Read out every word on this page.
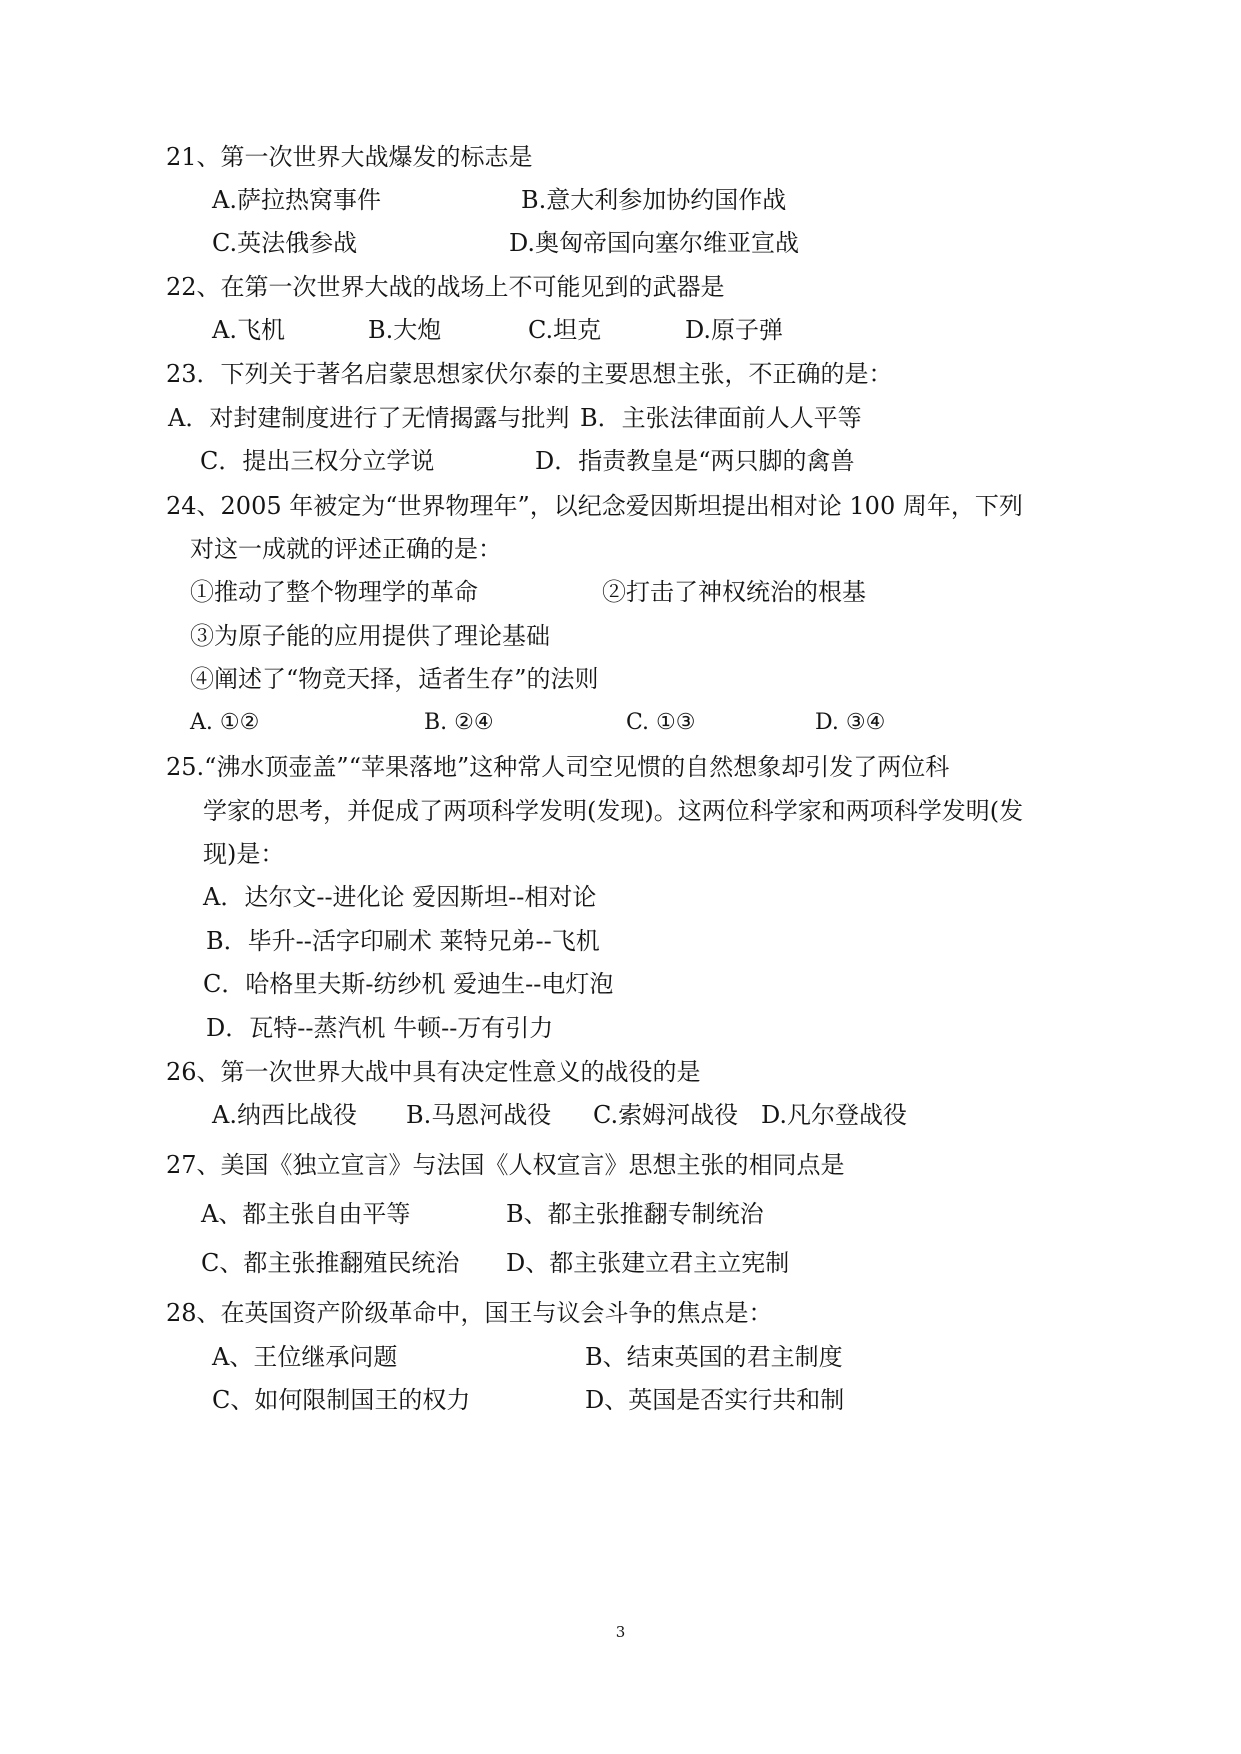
21、第一次世界大战爆发的标志是
A.萨拉热窝事件	B.意大利参加协约国作战
C.英法俄参战	D.奥匈帝国向塞尔维亚宣战
22、在第一次世界大战的战场上不可能见到的武器是
A.飞机	B.大炮	C.坦克	D.原子弹
23．下列关于著名启蒙思想家伏尔泰的主要思想主张，不正确的是：
A．对封建制度进行了无情揭露与批判 B．主张法律面前人人平等
C．提出三权分立学说	D．指责教皇是“两只脚的禽兽
24、2005 年被定为“世界物理年”，以纪念爱因斯坦提出相对论 100 周年，下列
对这一成就的评述正确的是：
①推动了整个物理学的革命	②打击了神权统治的根基
③为原子能的应用提供了理论基础
④阐述了“物竞天择，适者生存”的法则
A. ①②	B. ②④	C. ①③	D. ③④
25.“沸水顶壶盖”“苹果落地”这种常人司空见惯的自然想象却引发了两位科
学家的思考，并促成了两项科学发明(发现)。这两位科学家和两项科学发明(发
现)是：
A．达尔文--进化论 爱因斯坦--相对论
B．毕升--活字印刷术 莱特兄弟--飞机
C．哈格里夫斯-纺纱机 爱迪生--电灯泡
D．瓦特--蒸汽机 牛顿--万有引力
26、第一次世界大战中具有决定性意义的战役的是
A.纳西比战役 B.马恩河战役 C.索姆河战役 D.凡尔登战役
27、美国《独立宣言》与法国《人权宣言》思想主张的相同点是
A、都主张自由平等	B、都主张推翻专制统治
C、都主张推翻殖民统治 D、都主张建立君主立宪制
28、在英国资产阶级革命中，国王与议会斗争的焦点是：
A、王位继承问题	B、结束英国的君主制度
C、如何限制国王的权力	D、英国是否实行共和制
3
